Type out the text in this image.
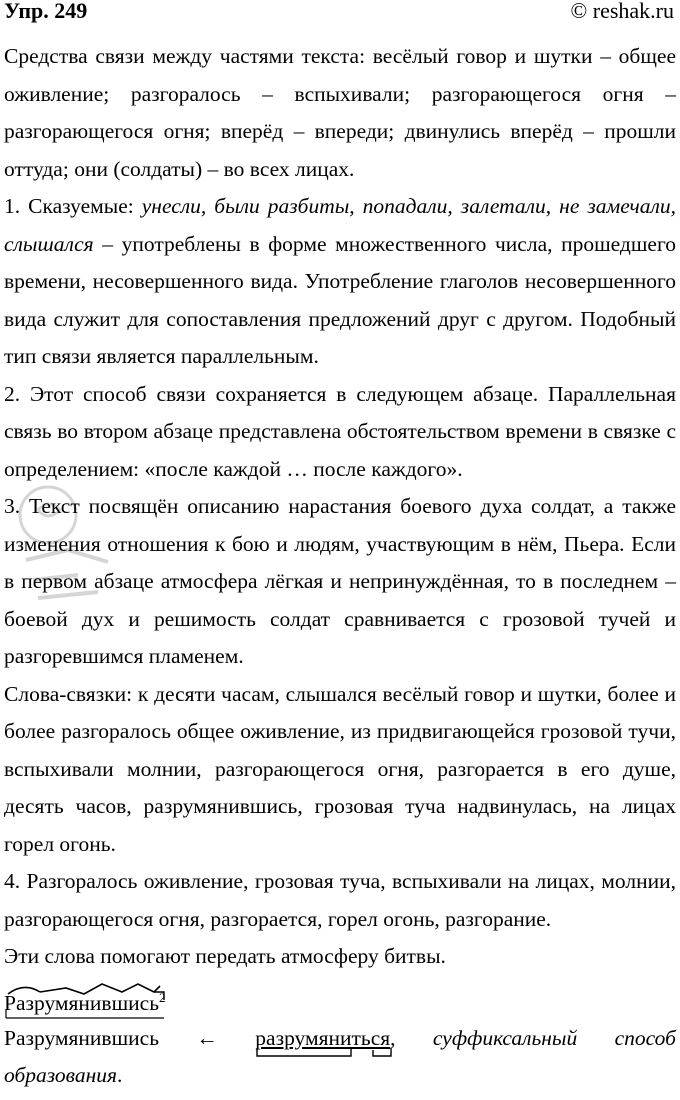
Упр. 249	© reshak.ru

Средства связи между частями текста: весёлый говор и шутки – общее оживление; разгоралось – вспыхивали; разгорающегося огня – разгорающегося огня; вперёд – впереди; двинулись вперёд – прошли оттуда; они (солдаты) – во всех лицах.

1. Сказуемые: унесли, были разбиты, попадали, залетали, не замечали, слышался – употреблены в форме множественного числа, прошедшего времени, несовершенного вида. Употребление глаголов несовершенного вида служит для сопоставления предложений друг с другом. Подобный тип связи является параллельным.

2. Этот способ связи сохраняется в следующем абзаце. Параллельная связь во втором абзаце представлена обстоятельством времени в связке с определением: «после каждой … после каждого».

3. Текст посвящён описанию нарастания боевого духа солдат, а также изменения отношения к бою и людям, участвующим в нём, Пьера. Если в первом абзаце атмосфера лёгкая и непринуждённая, то в последнем – боевой дух и решимость солдат сравнивается с грозовой тучей и разгоревшимся пламенем.

Слова-связки: к десяти часам, слышался весёлый говор и шутки, более и более разгоралось общее оживление, из придвигающейся грозовой тучи, вспыхивали молнии, разгорающегося огня, разгорается в его душе, десять часов, разрумянившись, грозовая туча надвинулась, на лицах горел огонь.

4. Разгоралось оживление, грозовая туча, вспыхивали на лицах, молнии, разгорающегося огня, разгорается, горел огонь, разгорание.

Эти слова помогают передать атмосферу битвы.

Разрумянившись$^2$
Разрумянившись ← разрумяниться
, суффиксальный способ
образования.
